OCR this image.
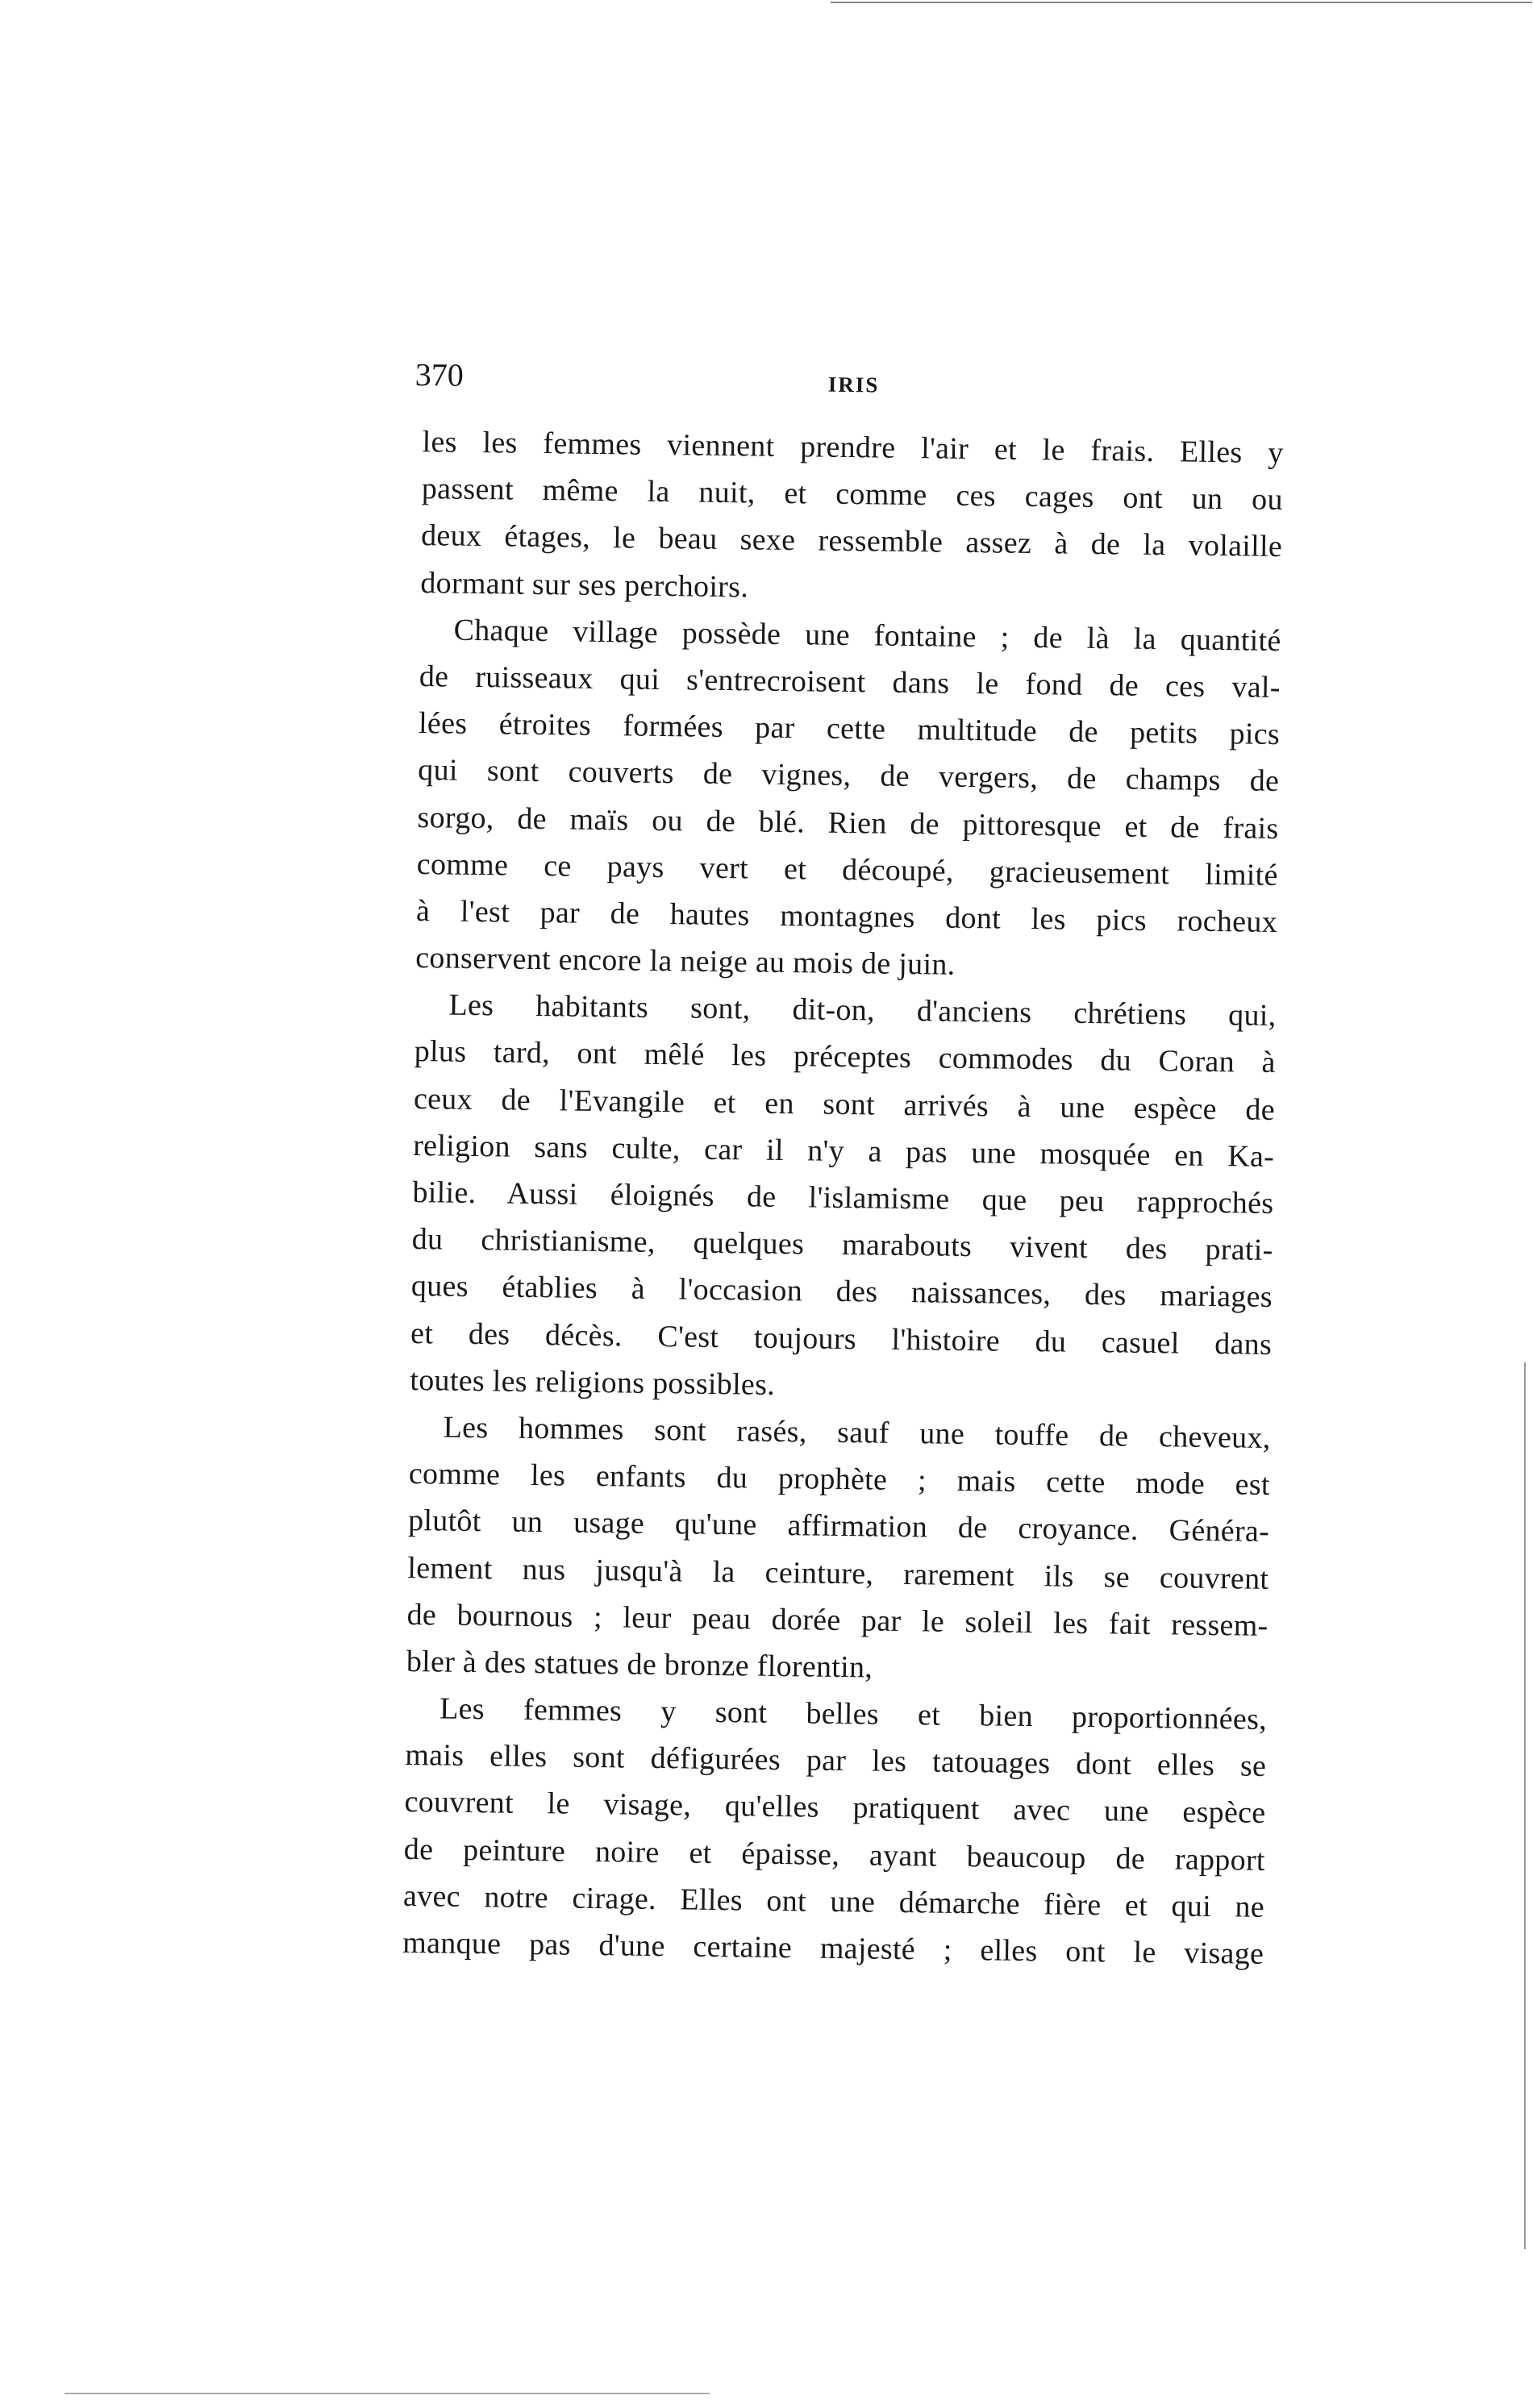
370	IRIS
les les femmes viennent prendre l'air et le frais. Elles y
passent même la nuit, et comme ces cages ont un ou
deux étages, le beau sexe ressemble assez à de la volaille
dormant sur ses perchoirs.
Chaque village possède une fontaine ; de là la quantité
de ruisseaux qui s'entrecroisent dans le fond de ces val-
lées étroites formées par cette multitude de petits pics
qui sont couverts de vignes, de vergers, de champs de
sorgo, de maïs ou de blé. Rien de pittoresque et de frais
comme ce pays vert et découpé, gracieusement limité
à l'est par de hautes montagnes dont les pics rocheux
conservent encore la neige au mois de juin.
Les habitants sont, dit-on, d'anciens chrétiens qui,
plus tard, ont mêlé les préceptes commodes du Coran à
ceux de l'Evangile et en sont arrivés à une espèce de
religion sans culte, car il n'y a pas une mosquée en Ka-
bilie. Aussi éloignés de l'islamisme que peu rapprochés
du christianisme, quelques marabouts vivent des prati-
ques établies à l'occasion des naissances, des mariages
et des décès. C'est toujours l'histoire du casuel dans
toutes les religions possibles.
Les hommes sont rasés, sauf une touffe de cheveux,
comme les enfants du prophète ; mais cette mode est
plutôt un usage qu'une affirmation de croyance. Généra-
lement nus jusqu'à la ceinture, rarement ils se couvrent
de bournous ; leur peau dorée par le soleil les fait ressem-
bler à des statues de bronze florentin,
Les femmes y sont belles et bien proportionnées,
mais elles sont défigurées par les tatouages dont elles se
couvrent le visage, qu'elles pratiquent avec une espèce
de peinture noire et épaisse, ayant beaucoup de rapport
avec notre cirage. Elles ont une démarche fière et qui ne
manque pas d'une certaine majesté ; elles ont le visage
